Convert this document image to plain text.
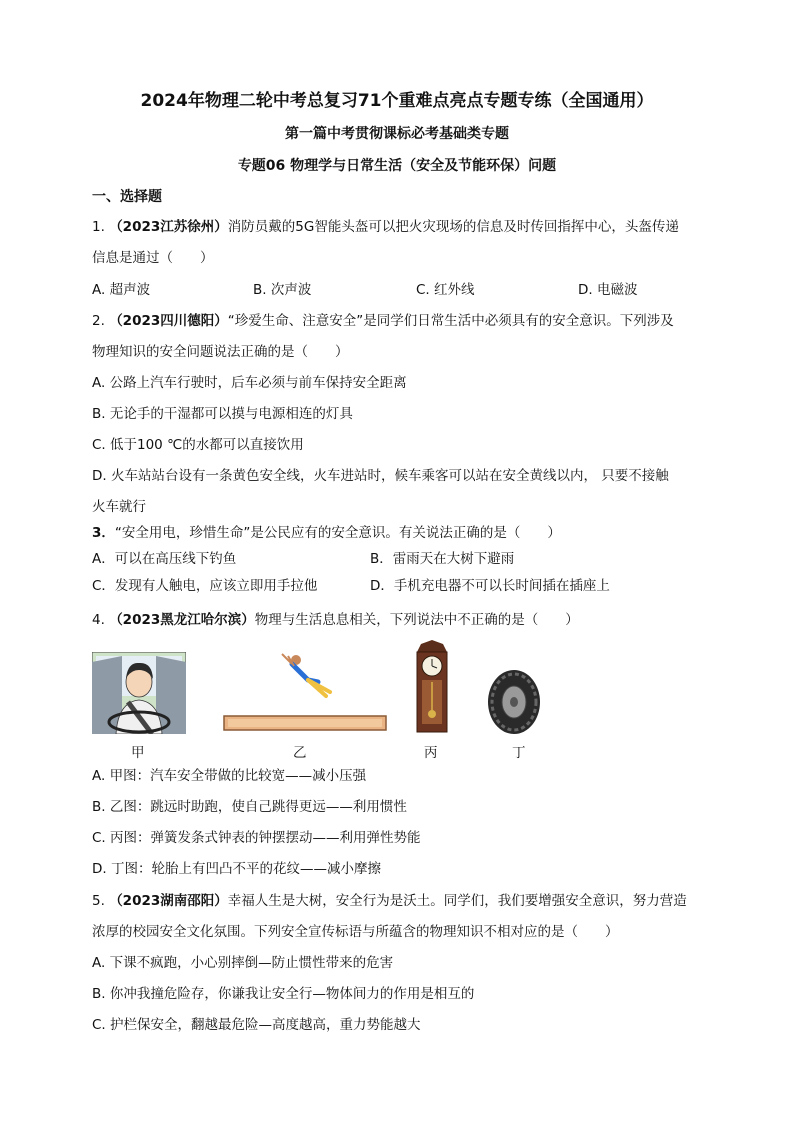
2024年物理二轮中考总复习71个重难点亮点专题专练（全国通用）
第一篇中考贯彻课标必考基础类专题
专题06 物理学与日常生活（安全及节能环保）问题
一、选择题
1. （2023江苏徐州）消防员戴的5G智能头盔可以把火灾现场的信息及时传回指挥中心，头盔传递
信息是通过（　　）
A. 超声波	B. 次声波	C. 红外线	D. 电磁波
2. （2023四川德阳）“珍爱生命、注意安全”是同学们日常生活中必须具有的安全意识。下列涉及
物理知识的安全问题说法正确的是（　　）
A. 公路上汽车行驶时，后车必须与前车保持安全距离
B. 无论手的干湿都可以摸与电源相连的灯具
C. 低于100 ℃的水都可以直接饮用
D. 火车站站台设有一条黄色安全线，火车进站时，候车乘客可以站在安全黄线以内， 只要不接触
火车就行
3．“安全用电，珍惜生命”是公民应有的安全意识。有关说法正确的是（　　）
A．可以在高压线下钓鱼	B．雷雨天在大树下避雨
C．发现有人触电，应该立即用手拉他	D．手机充电器不可以长时间插在插座上
4. （2023黑龙江哈尔滨）物理与生活息息相关，下列说法中不正确的是（　　）
甲	乙	丙	丁
A. 甲图：汽车安全带做的比较宽——减小压强
B. 乙图：跳远时助跑，使自己跳得更远——利用惯性
C. 丙图：弹簧发条式钟表的钟摆摆动——利用弹性势能
D. 丁图：轮胎上有凹凸不平的花纹——减小摩擦
5. （2023湖南邵阳）幸福人生是大树，安全行为是沃土。同学们，我们要增强安全意识，努力营造
浓厚的校园安全文化氛围。下列安全宣传标语与所蕴含的物理知识不相对应的是（　　）
A. 下课不疯跑，小心别摔倒—防止惯性带来的危害
B. 你冲我撞危险存，你谦我让安全行—物体间力的作用是相互的
C. 护栏保安全，翻越最危险—高度越高，重力势能越大
